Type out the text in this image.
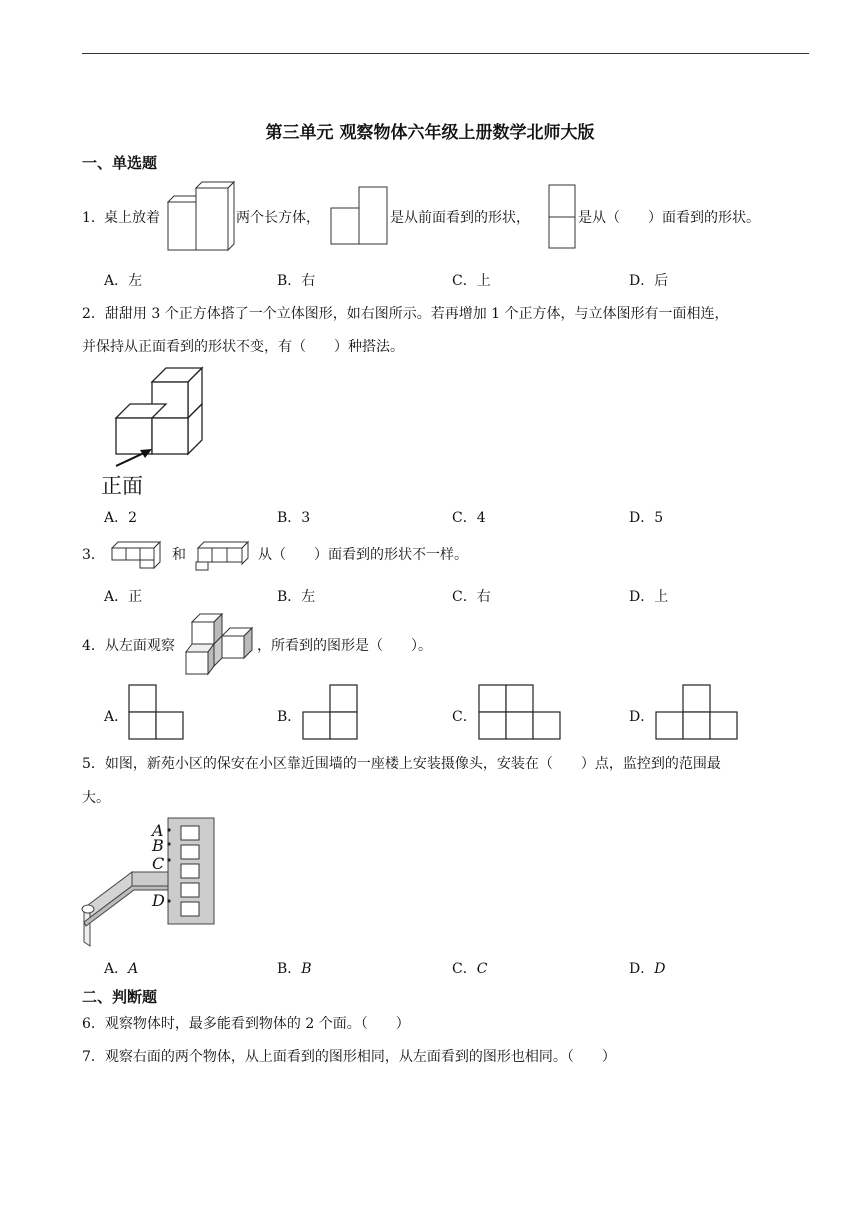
第三单元 观察物体六年级上册数学北师大版
一、单选题
1． 桌上放着	两个长方体，	是从前面看到的形状，	是从（　　）面看到的形状。
A．左	B．右	C．上	D．后
2．甜甜用 3 个正方体搭了一个立体图形，如右图所示。若再增加 1 个正方体，与立体图形有一面相连，
并保持从正面看到的形状不变，有（　　）种搭法。
正面
A．2	B．3	C．4	D．5
3．	和	从（　　）面看到的形状不一样。
A．正	B．左	C．右	D．上
4．从左面观察	，所看到的图形是（　　）。
A．	B．	C．	D．
5．如图，新苑小区的保安在小区靠近围墙的一座楼上安装摄像头，安装在（　　）点，监控到的范围最
大。
A
B
C
D
A．A	B．B	C．C	D．D
二、判断题
6．观察物体时，最多能看到物体的 2 个面。（　　）
7．观察右面的两个物体，从上面看到的图形相同，从左面看到的图形也相同。（　　）
